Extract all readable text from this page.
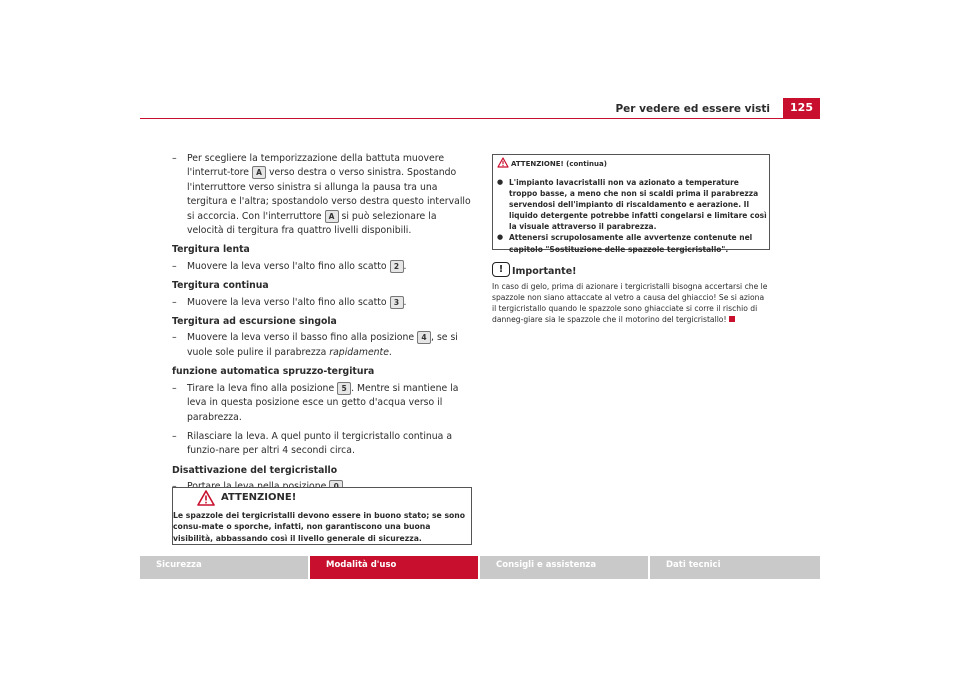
Per vedere ed essere visti	125
– Per scegliere la temporizzazione della battuta muovere l'interrut-tore A verso destra o verso sinistra. Spostando l'interruttore verso sinistra si allunga la pausa tra una tergitura e l'altra; spostandolo verso destra questo intervallo si accorcia. Con l'interruttore A si può selezionare la velocità di tergitura fra quattro livelli disponibili.
Tergitura lenta
– Muovere la leva verso l'alto fino allo scatto 2 .
Tergitura continua
– Muovere la leva verso l'alto fino allo scatto 3 .
Tergitura ad escursione singola
– Muovere la leva verso il basso fino alla posizione 4 , se si vuole sole pulire il parabrezza rapidamente.
funzione automatica spruzzo-tergitura
– Tirare la leva fino alla posizione 5 . Mentre si mantiene la leva in questa posizione esce un getto d'acqua verso il parabrezza.
– Rilasciare la leva. A quel punto il tergicristallo continua a funzio-nare per altri 4 secondi circa.
Disattivazione del tergicristallo
–
ATTENZIONE!
Le spazzole dei tergicristalli devono essere in buono stato; se sono consu-mate o sporche, infatti, non garantiscono una buona visibilità, abbassando così il livello generale di sicurezza.
ATTENZIONE! (continua)
● L'impianto lavacristalli non va azionato a temperature troppo basse, a meno che non si scaldi prima il parabrezza servendosi dell'impianto di riscaldamento e aerazione. Il liquido detergente potrebbe infatti congelarsi e limitare così la visuale attraverso il parabrezza.
● Attenersi scrupolosamente alle avvertenze contenute nel capitolo "Sostituzione delle spazzole tergicristallo".
! Importante!
In caso di gelo, prima di azionare i tergicristalli bisogna accertarsi che le spazzole non siano attaccate al vetro a causa del ghiaccio! Se si aziona il tergicristallo quando le spazzole sono ghiacciate si corre il rischio di danneg-giare sia le spazzole che il motorino del tergicristallo!
Sicurezza	Modalità d'uso	Consigli e assistenza	Dati tecnici
